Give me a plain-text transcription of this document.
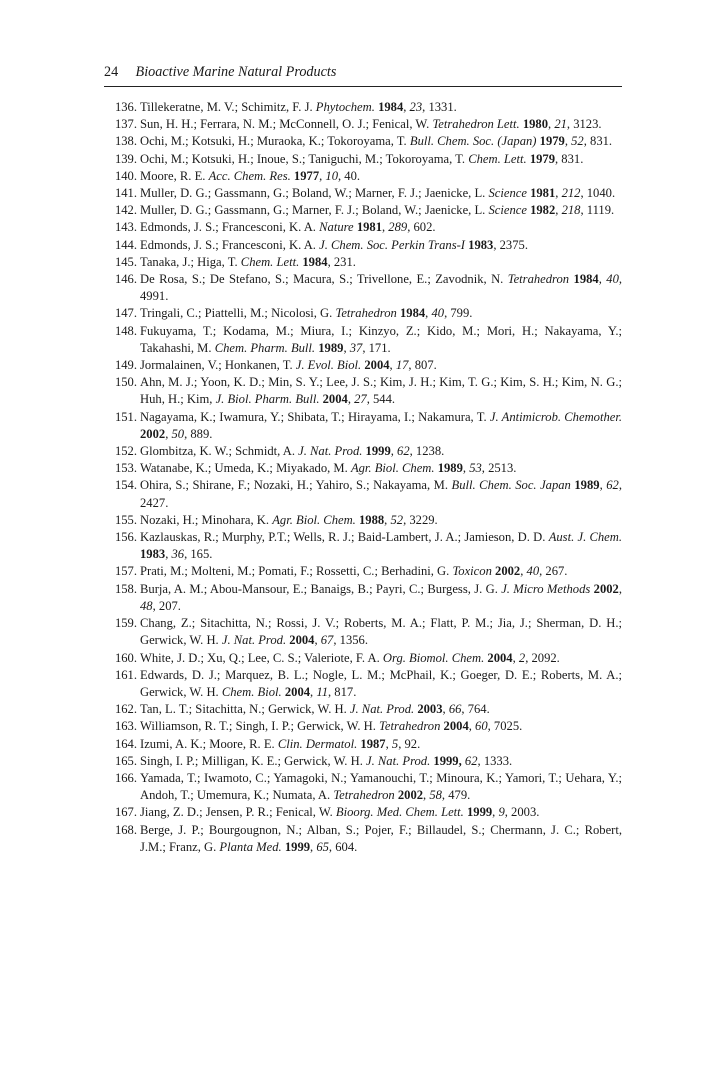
24 Bioactive Marine Natural Products
136. Tillekeratne, M. V.; Schimitz, F. J. Phytochem. 1984, 23, 1331.
137. Sun, H. H.; Ferrara, N. M.; McConnell, O. J.; Fenical, W. Tetrahedron Lett. 1980, 21, 3123.
138. Ochi, M.; Kotsuki, H.; Muraoka, K.; Tokoroyama, T. Bull. Chem. Soc. (Japan) 1979, 52, 831.
139. Ochi, M.; Kotsuki, H.; Inoue, S.; Taniguchi, M.; Tokoroyama, T. Chem. Lett. 1979, 831.
140. Moore, R. E. Acc. Chem. Res. 1977, 10, 40.
141. Muller, D. G.; Gassmann, G.; Boland, W.; Marner, F. J.; Jaenicke, L. Science 1981, 212, 1040.
142. Muller, D. G.; Gassmann, G.; Marner, F. J.; Boland, W.; Jaenicke, L. Science 1982, 218, 1119.
143. Edmonds, J. S.; Francesconi, K. A. Nature 1981, 289, 602.
144. Edmonds, J. S.; Francesconi, K. A. J. Chem. Soc. Perkin Trans-I 1983, 2375.
145. Tanaka, J.; Higa, T. Chem. Lett. 1984, 231.
146. De Rosa, S.; De Stefano, S.; Macura, S.; Trivellone, E.; Zavodnik, N. Tetrahedron 1984, 40, 4991.
147. Tringali, C.; Piattelli, M.; Nicolosi, G. Tetrahedron 1984, 40, 799.
148. Fukuyama, T.; Kodama, M.; Miura, I.; Kinzyo, Z.; Kido, M.; Mori, H.; Nakayama, Y.; Takahashi, M. Chem. Pharm. Bull. 1989, 37, 171.
149. Jormalainen, V.; Honkanen, T. J. Evol. Biol. 2004, 17, 807.
150. Ahn, M. J.; Yoon, K. D.; Min, S. Y.; Lee, J. S.; Kim, J. H.; Kim, T. G.; Kim, S. H.; Kim, N. G.; Huh, H.; Kim, J. Biol. Pharm. Bull. 2004, 27, 544.
151. Nagayama, K.; Iwamura, Y.; Shibata, T.; Hirayama, I.; Nakamura, T. J. Antimicrob. Chemother. 2002, 50, 889.
152. Glombitza, K. W.; Schmidt, A. J. Nat. Prod. 1999, 62, 1238.
153. Watanabe, K.; Umeda, K.; Miyakado, M. Agr. Biol. Chem. 1989, 53, 2513.
154. Ohira, S.; Shirane, F.; Nozaki, H.; Yahiro, S.; Nakayama, M. Bull. Chem. Soc. Japan 1989, 62, 2427.
155. Nozaki, H.; Minohara, K. Agr. Biol. Chem. 1988, 52, 3229.
156. Kazlauskas, R.; Murphy, P.T.; Wells, R. J.; Baid-Lambert, J. A.; Jamieson, D. D. Aust. J. Chem. 1983, 36, 165.
157. Prati, M.; Molteni, M.; Pomati, F.; Rossetti, C.; Berhadini, G. Toxicon 2002, 40, 267.
158. Burja, A. M.; Abou-Mansour, E.; Banaigs, B.; Payri, C.; Burgess, J. G. J. Micro Methods 2002, 48, 207.
159. Chang, Z.; Sitachitta, N.; Rossi, J. V.; Roberts, M. A.; Flatt, P. M.; Jia, J.; Sherman, D. H.; Gerwick, W. H. J. Nat. Prod. 2004, 67, 1356.
160. White, J. D.; Xu, Q.; Lee, C. S.; Valeriote, F. A. Org. Biomol. Chem. 2004, 2, 2092.
161. Edwards, D. J.; Marquez, B. L.; Nogle, L. M.; McPhail, K.; Goeger, D. E.; Roberts, M. A.; Gerwick, W. H. Chem. Biol. 2004, 11, 817.
162. Tan, L. T.; Sitachitta, N.; Gerwick, W. H. J. Nat. Prod. 2003, 66, 764.
163. Williamson, R. T.; Singh, I. P.; Gerwick, W. H. Tetrahedron 2004, 60, 7025.
164. Izumi, A. K.; Moore, R. E. Clin. Dermatol. 1987, 5, 92.
165. Singh, I. P.; Milligan, K. E.; Gerwick, W. H. J. Nat. Prod. 1999, 62, 1333.
166. Yamada, T.; Iwamoto, C.; Yamagoki, N.; Yamanouchi, T.; Minoura, K.; Yamori, T.; Uehara, Y.; Andoh, T.; Umemura, K.; Numata, A. Tetrahedron 2002, 58, 479.
167. Jiang, Z. D.; Jensen, P. R.; Fenical, W. Bioorg. Med. Chem. Lett. 1999, 9, 2003.
168. Berge, J. P.; Bourgougnon, N.; Alban, S.; Pojer, F.; Billaudel, S.; Chermann, J. C.; Robert, J.M.; Franz, G. Planta Med. 1999, 65, 604.
